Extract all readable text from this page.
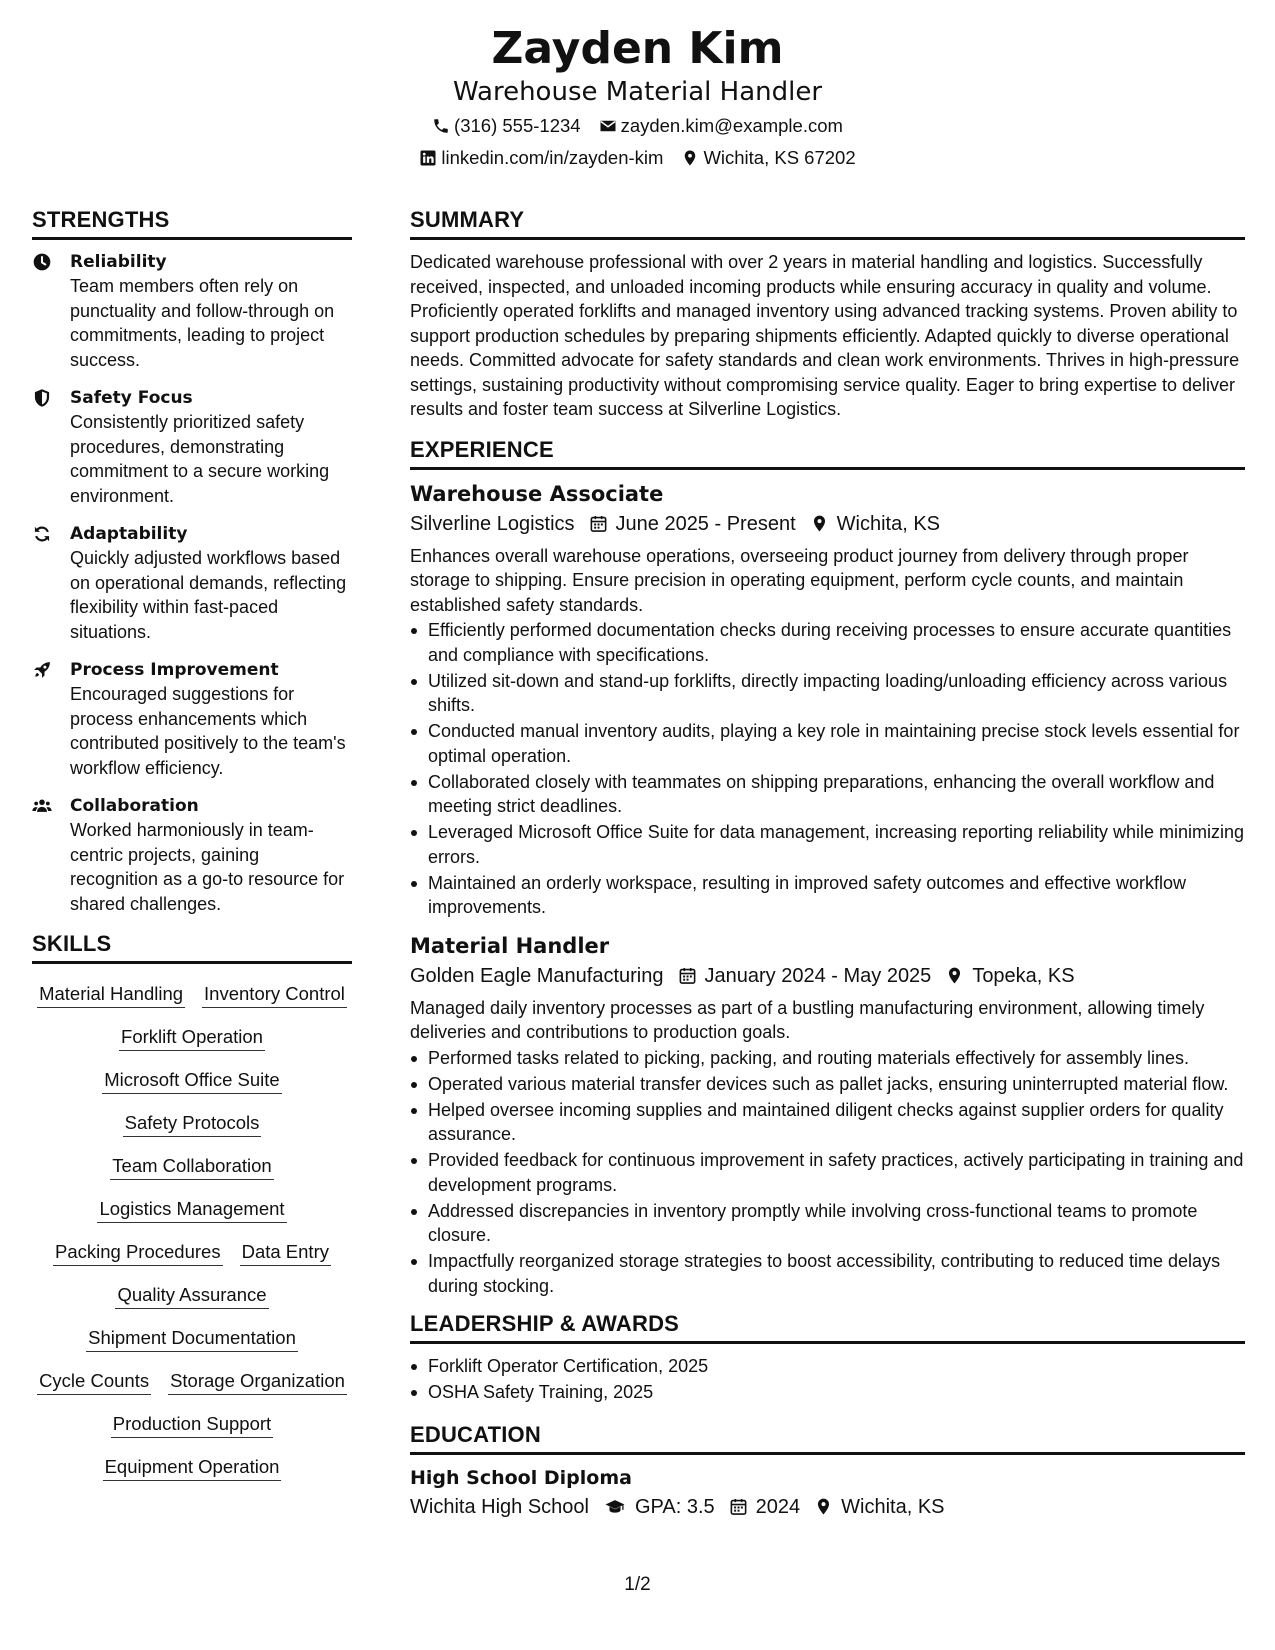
Zayden Kim
Warehouse Material Handler
(316) 555-1234 zayden.kim@example.com
linkedin.com/in/zayden-kim Wichita, KS 67202
STRENGTHS
Reliability
Team members often rely on punctuality and follow-through on commitments, leading to project success.
Safety Focus
Consistently prioritized safety procedures, demonstrating commitment to a secure working environment.
Adaptability
Quickly adjusted workflows based on operational demands, reflecting flexibility within fast-paced situations.
Process Improvement
Encouraged suggestions for process enhancements which contributed positively to the team's workflow efficiency.
Collaboration
Worked harmoniously in team-centric projects, gaining recognition as a go-to resource for shared challenges.
SKILLS
Material Handling Inventory Control
Forklift Operation
Microsoft Office Suite
Safety Protocols
Team Collaboration
Logistics Management
Packing Procedures Data Entry
Quality Assurance
Shipment Documentation
Cycle Counts Storage Organization
Production Support
Equipment Operation
SUMMARY
Dedicated warehouse professional with over 2 years in material handling and logistics. Successfully received, inspected, and unloaded incoming products while ensuring accuracy in quality and volume. Proficiently operated forklifts and managed inventory using advanced tracking systems. Proven ability to support production schedules by preparing shipments efficiently. Adapted quickly to diverse operational needs. Committed advocate for safety standards and clean work environments. Thrives in high-pressure settings, sustaining productivity without compromising service quality. Eager to bring expertise to deliver results and foster team success at Silverline Logistics.
EXPERIENCE
Warehouse Associate
Silverline Logistics June 2025 - Present Wichita, KS
Enhances overall warehouse operations, overseeing product journey from delivery through proper storage to shipping. Ensure precision in operating equipment, perform cycle counts, and maintain established safety standards.
Efficiently performed documentation checks during receiving processes to ensure accurate quantities and compliance with specifications.
Utilized sit-down and stand-up forklifts, directly impacting loading/unloading efficiency across various shifts.
Conducted manual inventory audits, playing a key role in maintaining precise stock levels essential for optimal operation.
Collaborated closely with teammates on shipping preparations, enhancing the overall workflow and meeting strict deadlines.
Leveraged Microsoft Office Suite for data management, increasing reporting reliability while minimizing errors.
Maintained an orderly workspace, resulting in improved safety outcomes and effective workflow improvements.
Material Handler
Golden Eagle Manufacturing January 2024 - May 2025 Topeka, KS
Managed daily inventory processes as part of a bustling manufacturing environment, allowing timely deliveries and contributions to production goals.
Performed tasks related to picking, packing, and routing materials effectively for assembly lines.
Operated various material transfer devices such as pallet jacks, ensuring uninterrupted material flow.
Helped oversee incoming supplies and maintained diligent checks against supplier orders for quality assurance.
Provided feedback for continuous improvement in safety practices, actively participating in training and development programs.
Addressed discrepancies in inventory promptly while involving cross-functional teams to promote closure.
Impactfully reorganized storage strategies to boost accessibility, contributing to reduced time delays during stocking.
LEADERSHIP & AWARDS
Forklift Operator Certification, 2025
OSHA Safety Training, 2025
EDUCATION
High School Diploma
Wichita High School GPA: 3.5 2024 Wichita, KS
1/2
